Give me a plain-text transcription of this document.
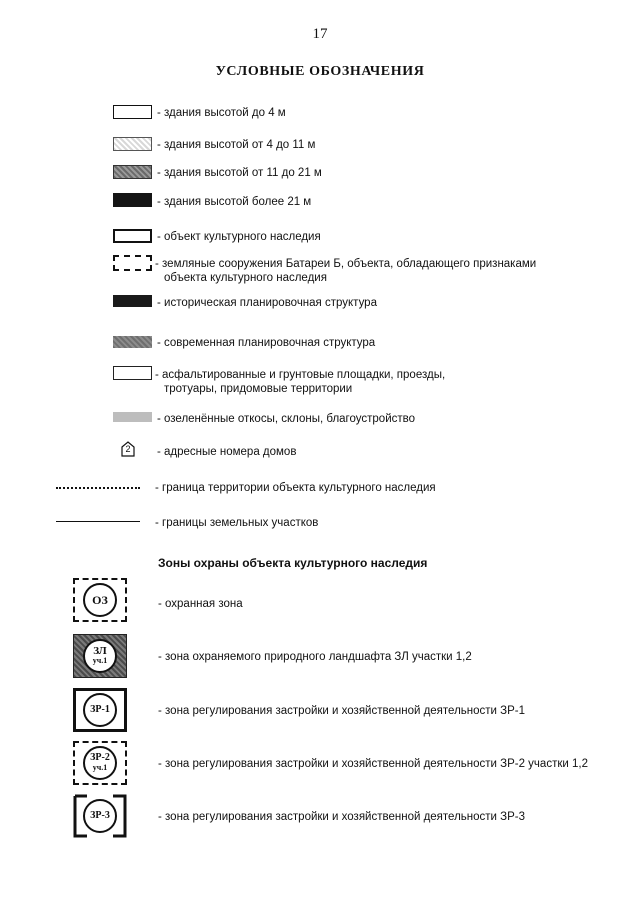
17
УСЛОВНЫЕ ОБОЗНАЧЕНИЯ
2
- здания высотой до 4 м
- здания высотой от 4 до 11 м
- здания высотой от 11 до 21 м
- здания высотой более 21 м
- объект культурного наследия
- земляные сооружения Батареи Б, объекта, обладающего признаками
объекта культурного наследия
- историческая планировочная структура
- современная планировочная структура
- асфальтированные и грунтовые площадки, проезды,
тротуары, придомовые территории
- озеленённые откосы, склоны, благоустройство
- адресные номера домов
- граница территории объекта культурного наследия
- границы земельных участков
Зоны охраны объекта культурного наследия
ОЗ
ЗЛ
уч.1
ЗР-1
ЗР-2
уч.1
ЗР-3
- охранная зона
- зона охраняемого природного ландшафта ЗЛ участки 1,2
- зона регулирования застройки и хозяйственной деятельности ЗР-1
- зона регулирования застройки и хозяйственной деятельности ЗР-2 участки 1,2
- зона регулирования застройки и хозяйственной деятельности ЗР-3
